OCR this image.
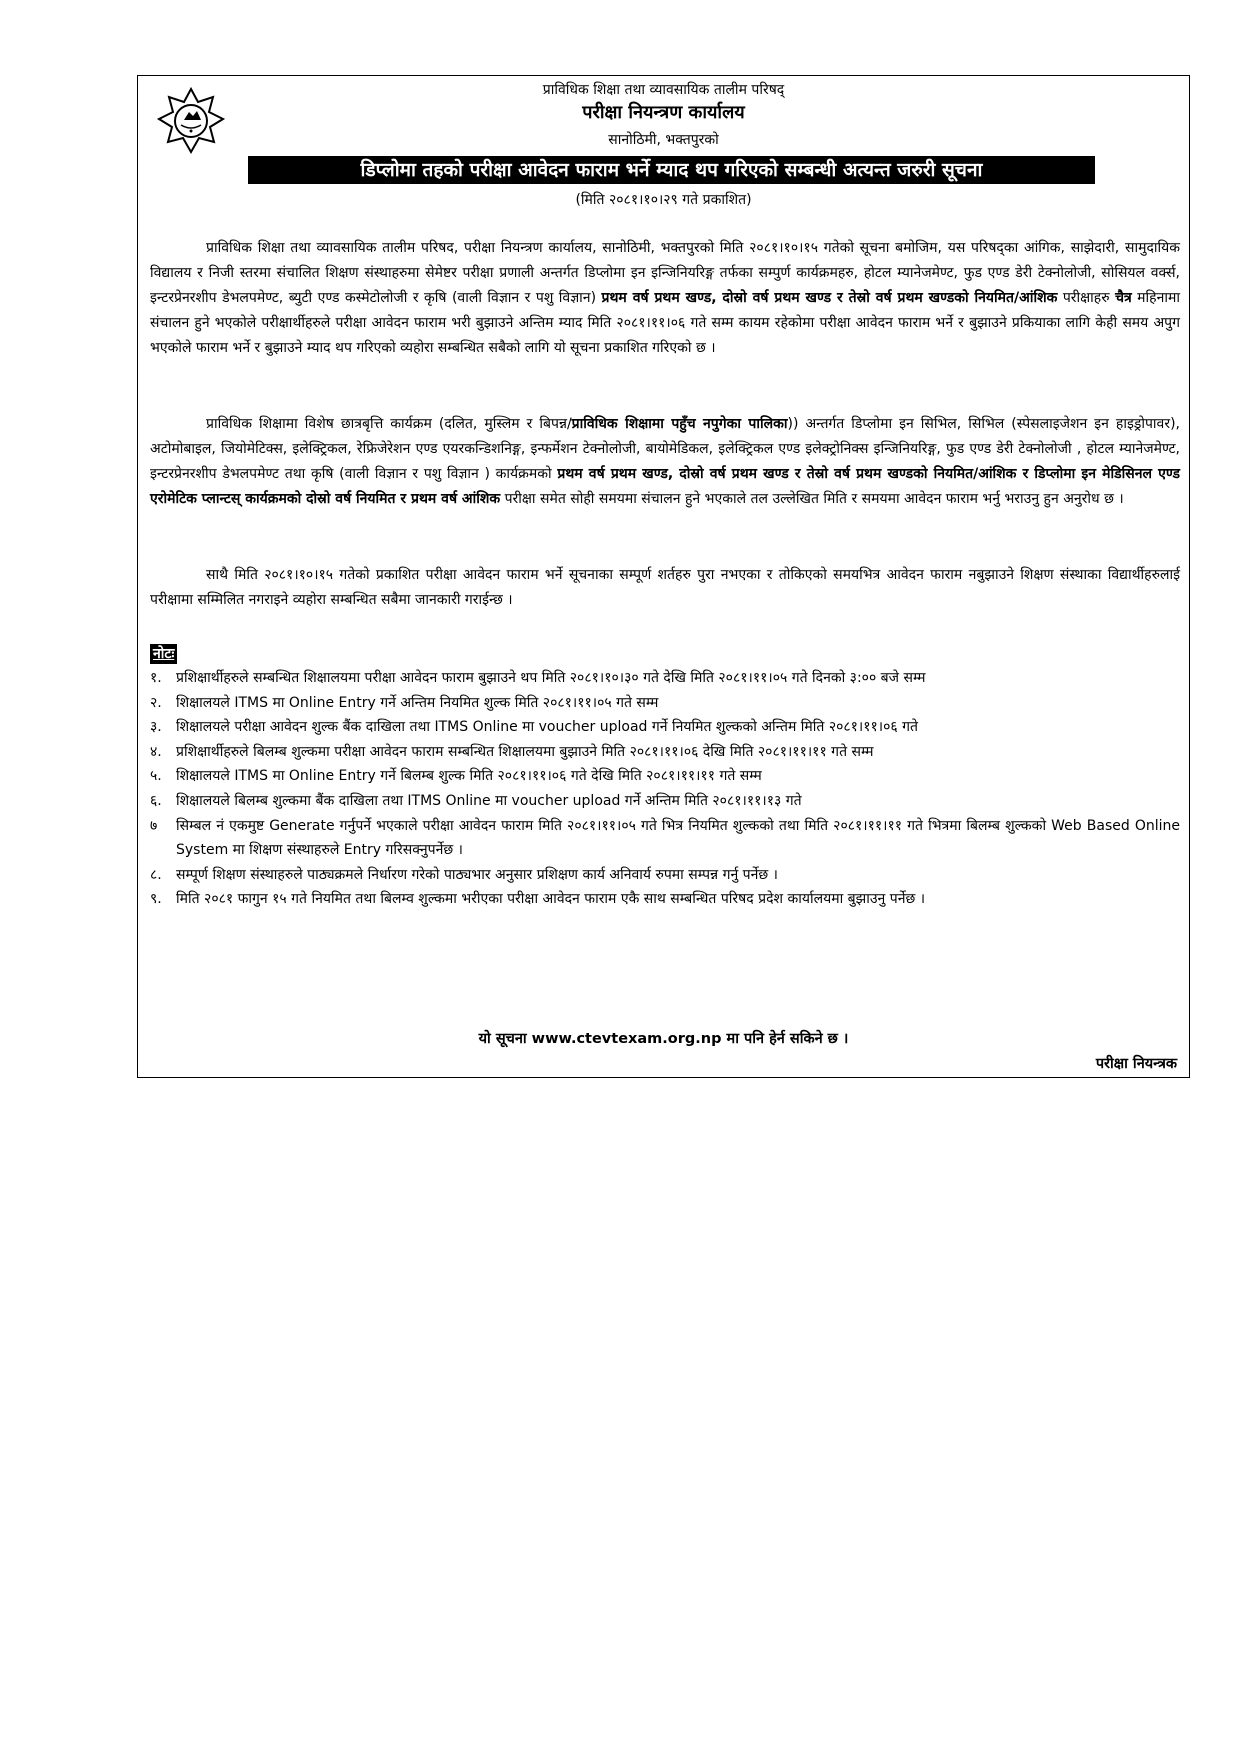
प्राविधिक शिक्षा तथा व्यावसायिक तालीम परिषद्
परीक्षा नियन्त्रण कार्यालय
सानोठिमी, भक्तपुरको
डिप्लोमा तहको परीक्षा आवेदन फाराम भर्ने म्याद थप गरिएको सम्बन्धी अत्यन्त जरुरी सूचना
(मिति २०८१।१०।२९ गते प्रकाशित)

प्राविधिक शिक्षा तथा व्यावसायिक तालीम परिषद, परीक्षा नियन्त्रण कार्यालय, सानोठिमी, भक्तपुरको मिति २०८१।१०।१५ गतेको सूचना बमोजिम, यस परिषद्का आंगिक, साझेदारी, सामुदायिक विद्यालय र निजी स्तरमा संचालित शिक्षण संस्थाहरुमा सेमेष्टर परीक्षा प्रणाली अन्तर्गत डिप्लोमा इन इन्जिनियरिङ्ग तर्फका सम्पुर्ण कार्यक्रमहरु, होटल म्यानेजमेण्ट, फुड एण्ड डेरी टेक्नोलोजी, सोसियल वर्क्स, इन्टरप्रेनरशीप डेभलपमेण्ट, ब्युटी एण्ड कस्मेटोलोजी र कृषि (वाली विज्ञान र पशु विज्ञान) प्रथम वर्ष प्रथम खण्ड, दोस्रो वर्ष प्रथम खण्ड र तेस्रो वर्ष प्रथम खण्डको नियमित/आंशिक परीक्षाहरु चैत्र महिनामा संचालन हुने भएकोले परीक्षार्थीहरुले परीक्षा आवेदन फाराम भरी बुझाउने अन्तिम म्याद मिति २०८१।११।०६ गते सम्म कायम रहेकोमा परीक्षा आवेदन फाराम भर्ने र बुझाउने प्रकियाका लागि केही समय अपुग भएकोले फाराम भर्ने र बुझाउने म्याद थप गरिएको व्यहोरा सम्बन्धित सबैको लागि यो सूचना प्रकाशित गरिएको छ ।

प्राविधिक शिक्षामा विशेष छात्रबृत्ति कार्यक्रम (दलित, मुस्लिम र बिपन्न/प्राविधिक शिक्षामा पहुँच नपुगेका पालिका)) अन्तर्गत डिप्लोमा इन सिभिल, सिभिल (स्पेसलाइजेशन इन हाइड्रोपावर), अटोमोबाइल, जियोमेटिक्स, इलेक्ट्रिकल, रेफ्रिजेरेशन एण्ड एयरकन्डिशनिङ्ग, इन्फर्मेशन टेक्नोलोजी, बायोमेडिकल, इलेक्ट्रिकल एण्ड इलेक्ट्रोनिक्स इन्जिनियरिङ्ग, फुड एण्ड डेरी टेक्नोलोजी , होटल म्यानेजमेण्ट, इन्टरप्रेनरशीप डेभलपमेण्ट तथा कृषि (वाली विज्ञान र पशु विज्ञान ) कार्यक्रमको प्रथम वर्ष प्रथम खण्ड, दोस्रो वर्ष प्रथम खण्ड र तेस्रो वर्ष प्रथम खण्डको नियमित/आंशिक र डिप्लोमा इन मेडिसिनल एण्ड एरोमेटिक प्लान्टस् कार्यक्रमको दोस्रो वर्ष नियमित र प्रथम वर्ष आंशिक परीक्षा समेत सोही समयमा संचालन हुने भएकाले तल उल्लेखित मिति र समयमा आवेदन फाराम भर्नु भराउनु हुन अनुरोध छ ।

साथै मिति २०८१।१०।१५ गतेको प्रकाशित परीक्षा आवेदन फाराम भर्ने सूचनाका सम्पूर्ण शर्तहरु पुरा नभएका र तोकिएको समयभित्र आवेदन फाराम नबुझाउने शिक्षण संस्थाका विद्यार्थीहरुलाई परीक्षामा सम्मिलित नगराइने व्यहोरा सम्बन्धित सबैमा जानकारी गराईन्छ ।

नोटः
१.	प्रशिक्षार्थीहरुले सम्बन्धित शिक्षालयमा परीक्षा आवेदन फाराम बुझाउने थप मिति २०८१।१०।३० गते देखि मिति २०८१।११।०५ गते दिनको ३:०० बजे सम्म
२.	शिक्षालयले ITMS मा Online Entry गर्ने अन्तिम नियमित शुल्क मिति २०८१।११।०५ गते सम्म
३.	शिक्षालयले परीक्षा आवेदन शुल्क बैंक दाखिला तथा ITMS Online मा voucher upload गर्ने नियमित शुल्कको अन्तिम मिति २०८१।११।०६ गते
४.	प्रशिक्षार्थीहरुले बिलम्ब शुल्कमा परीक्षा आवेदन फाराम सम्बन्धित शिक्षालयमा बुझाउने मिति २०८१।११।०६ देखि मिति २०८१।११।११ गते सम्म
५.	शिक्षालयले ITMS मा Online Entry गर्ने बिलम्ब शुल्क मिति २०८१।११।०६ गते देखि मिति २०८१।११।११ गते सम्म
६.	शिक्षालयले बिलम्ब शुल्कमा बैंक दाखिला तथा ITMS Online मा voucher upload गर्ने अन्तिम मिति २०८१।११।१३ गते
७	सिम्बल नं एकमुष्ट Generate गर्नुपर्ने भएकाले परीक्षा आवेदन फाराम मिति २०८१।११।०५ गते भित्र नियमित शुल्कको तथा मिति २०८१।११।११ गते भित्रमा बिलम्ब शुल्कको Web Based Online System मा शिक्षण संस्थाहरुले Entry गरिसक्नुपर्नेछ ।
८.	सम्पूर्ण शिक्षण संस्थाहरुले पाठ्यक्रमले निर्धारण गरेको पाठ्यभार अनुसार प्रशिक्षण कार्य अनिवार्य रुपमा सम्पन्न गर्नु पर्नेछ ।
९.	मिति २०८१ फागुन १५ गते नियमित तथा बिलम्व शुल्कमा भरीएका परीक्षा आवेदन फाराम एकै साथ सम्बन्धित परिषद प्रदेश कार्यालयमा बुझाउनु पर्नेछ ।
यो सूचना www.ctevtexam.org.np मा पनि हेर्न सकिने छ ।
परीक्षा नियन्त्रक
